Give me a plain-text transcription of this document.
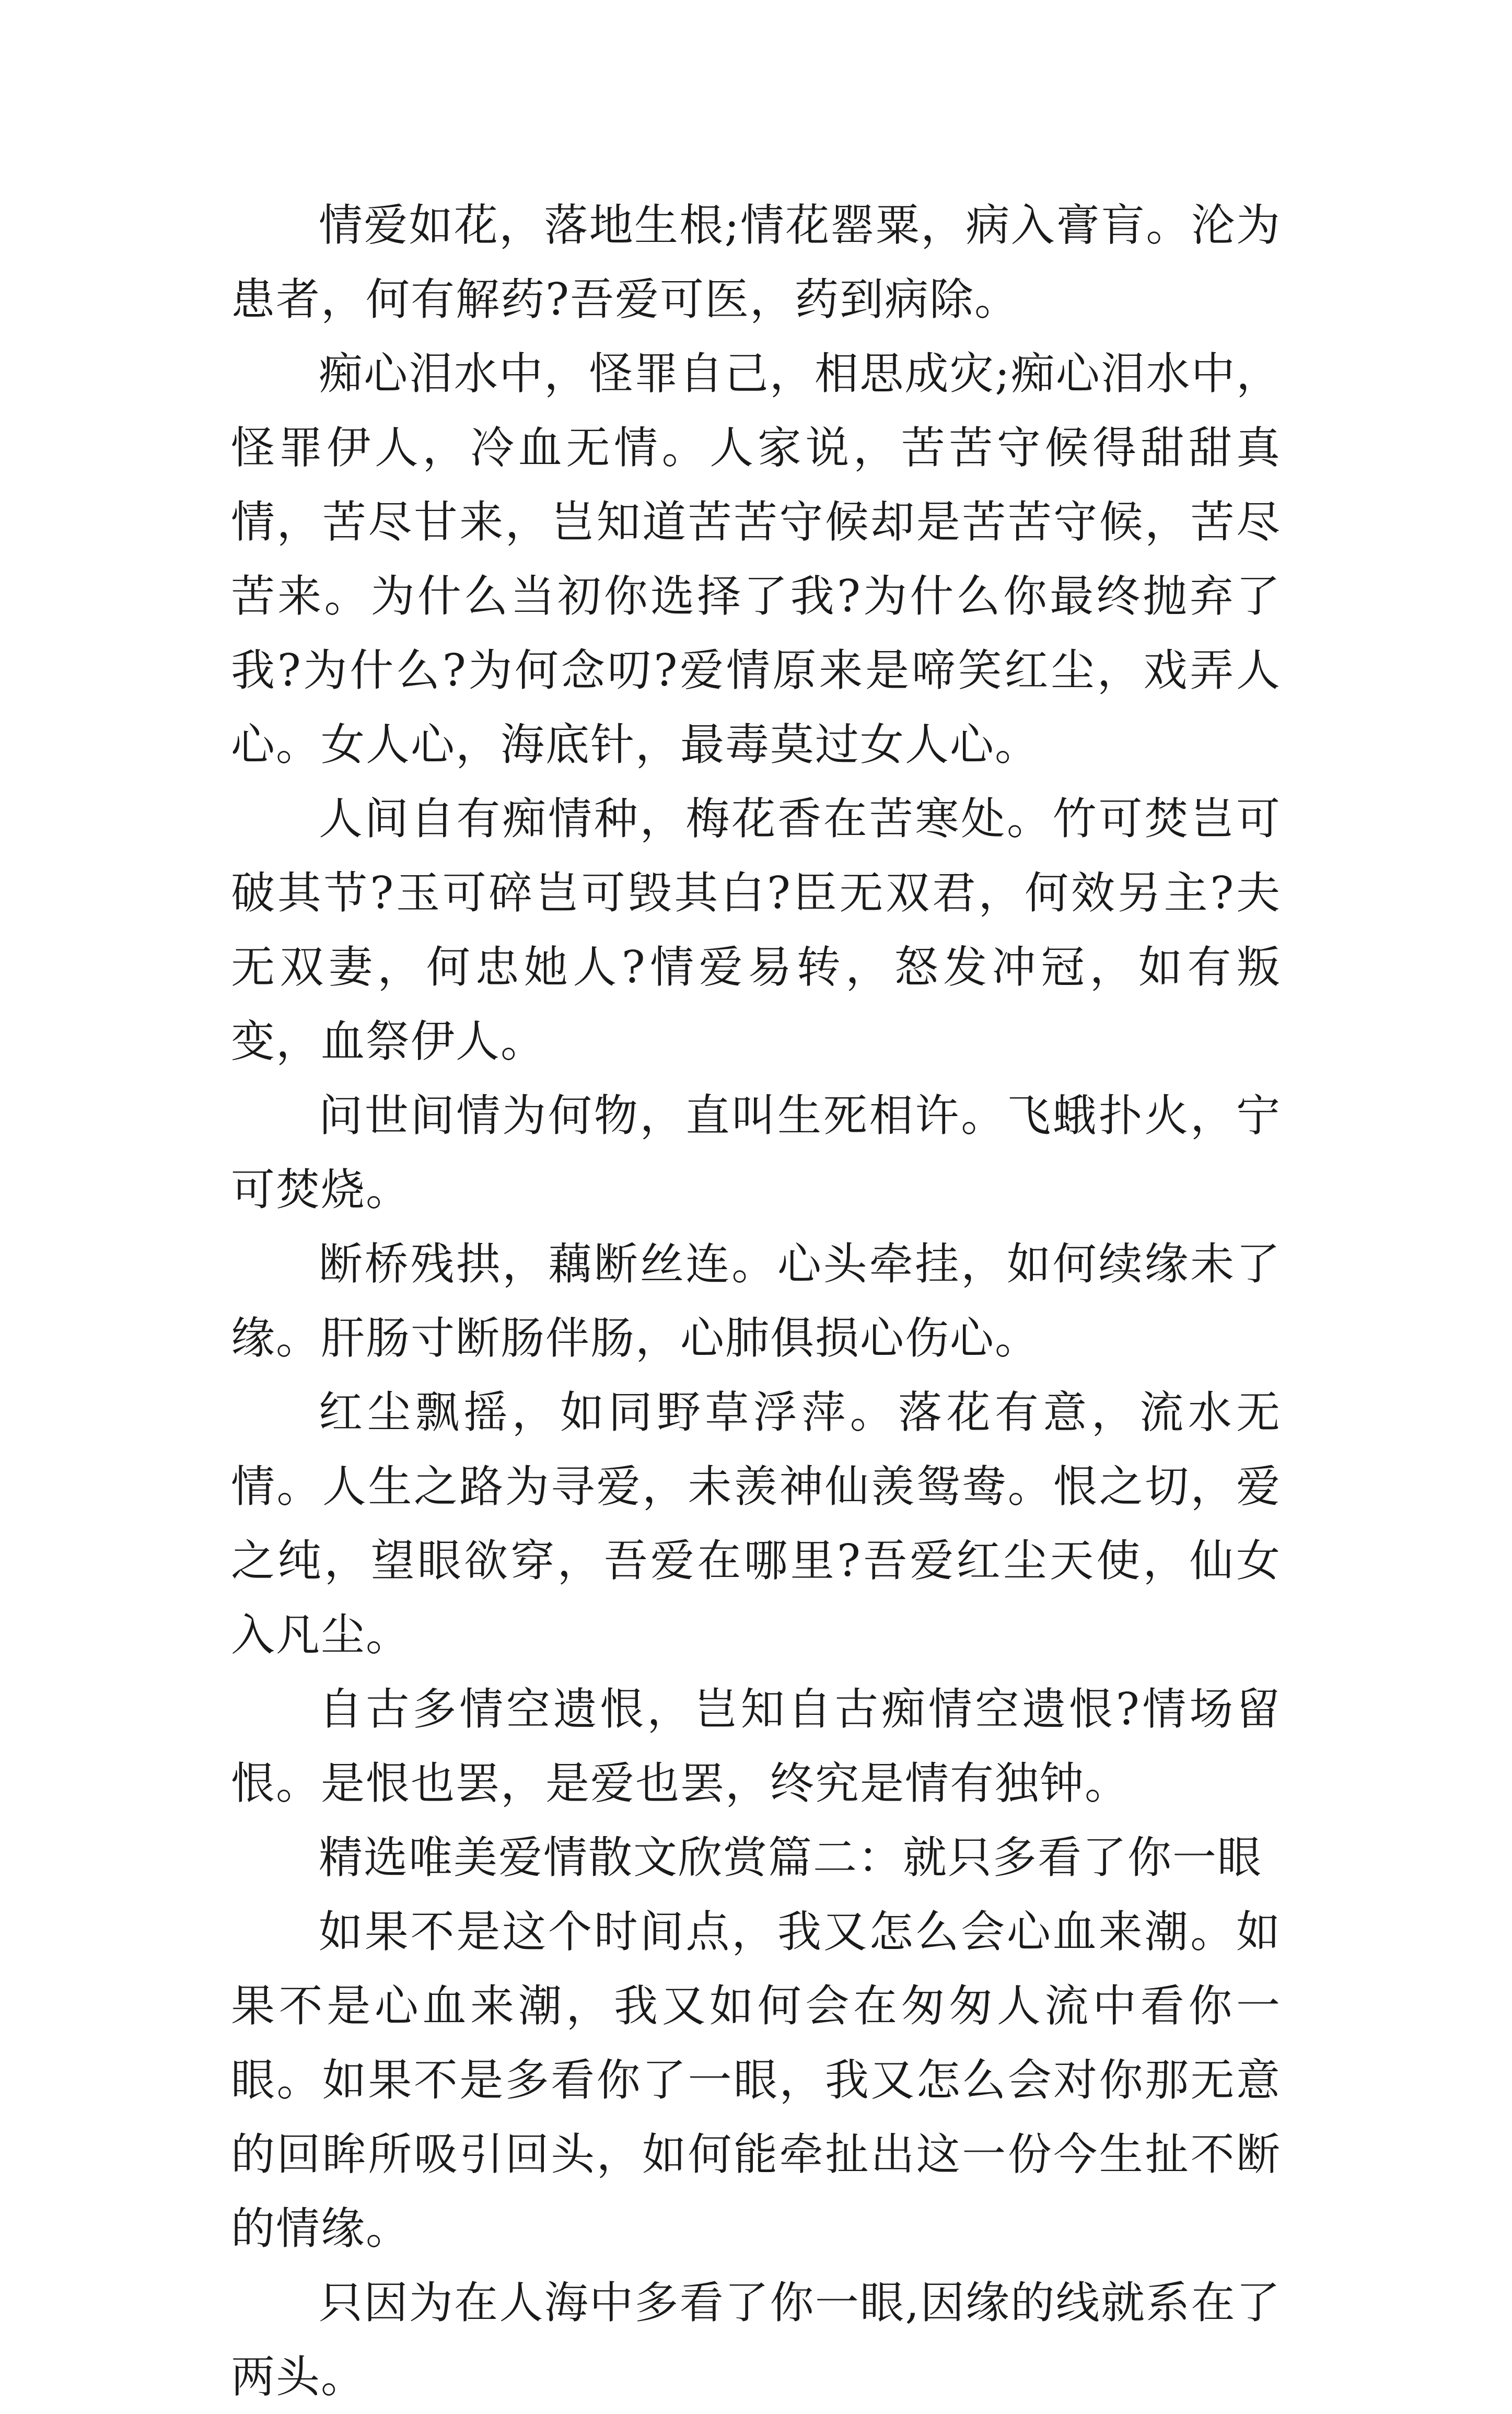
情爱如花，落地生根;情花罂粟，病入膏肓。沦为患者，何有解药?吾爱可医，药到病除。

痴心泪水中，怪罪自己，相思成灾;痴心泪水中，怪罪伊人，冷血无情。人家说，苦苦守候得甜甜真情，苦尽甘来，岂知道苦苦守候却是苦苦守候，苦尽苦来。为什么当初你选择了我?为什么你最终抛弃了我?为什么?为何念叨?爱情原来是啼笑红尘，戏弄人心。女人心，海底针，最毒莫过女人心。

人间自有痴情种，梅花香在苦寒处。竹可焚岂可破其节?玉可碎岂可毁其白?臣无双君，何效另主?夫无双妻，何忠她人?情爱易转，怒发冲冠，如有叛变，血祭伊人。

问世间情为何物，直叫生死相许。飞蛾扑火，宁可焚烧。

断桥残拱，藕断丝连。心头牵挂，如何续缘未了缘。肝肠寸断肠伴肠，心肺俱损心伤心。

红尘飘摇，如同野草浮萍。落花有意，流水无情。人生之路为寻爱，未羡神仙羡鸳鸯。恨之切，爱之纯，望眼欲穿，吾爱在哪里?吾爱红尘天使，仙女入凡尘。

自古多情空遗恨，岂知自古痴情空遗恨?情场留恨。是恨也罢，是爱也罢，终究是情有独钟。

精选唯美爱情散文欣赏篇二：就只多看了你一眼

如果不是这个时间点，我又怎么会心血来潮。如果不是心血来潮，我又如何会在匆匆人流中看你一眼。如果不是多看你了一眼，我又怎么会对你那无意的回眸所吸引回头，如何能牵扯出这一份今生扯不断的情缘。

只因为在人海中多看了你一眼,因缘的线就系在了两头。
